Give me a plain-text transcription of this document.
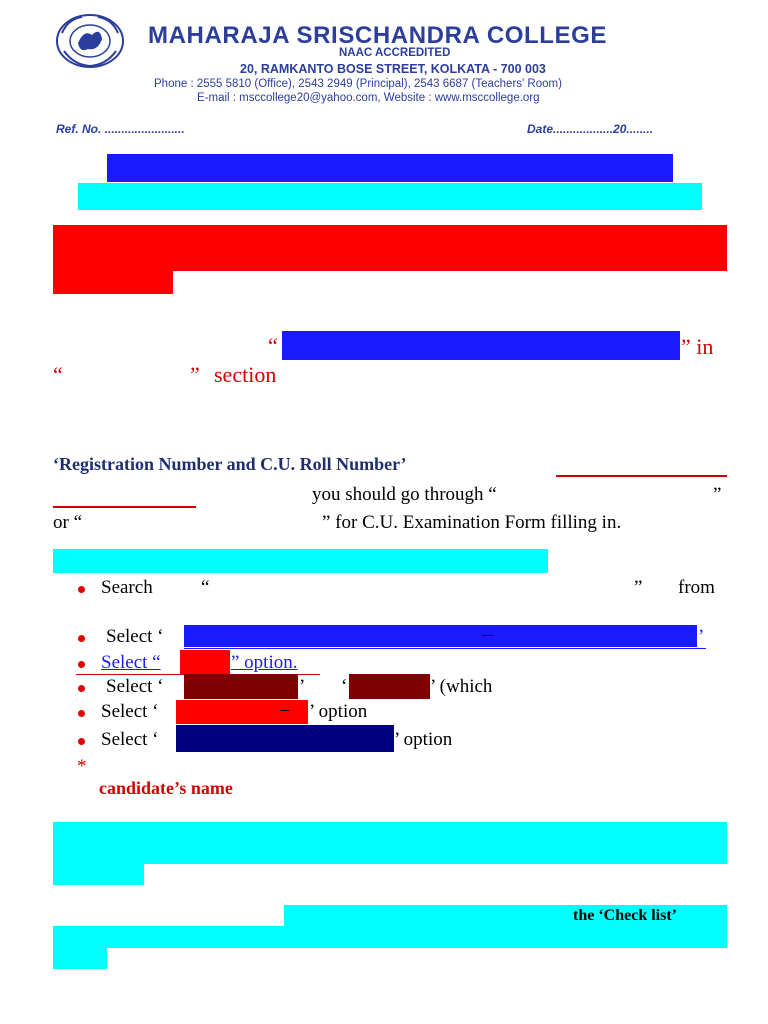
MAHARAJA SRISCHANDRA COLLEGE
NAAC ACCREDITED
20, RAMKANTO BOSE STREET, KOLKATA - 700 003
Phone : 2555 5810 (Office), 2543 2949 (Principal), 2543 6687 (Teachers' Room)
E-mail : msccollege20@yahoo.com, Website : www.msccollege.org
Ref. No. ........................	Date..................20........
“	” in
“	” section
‘Registration Number and C.U. Roll Number’
you should go through “	”
or “	” for C.U. Examination Form filling in.
Search	“	” from
Select ‘	–	’
Select “	” option.
Select ‘	’ ‘	’ (which
Select ‘	– ’ option
Select ‘	’ option
*
candidate’s name
the ‘Check list’
